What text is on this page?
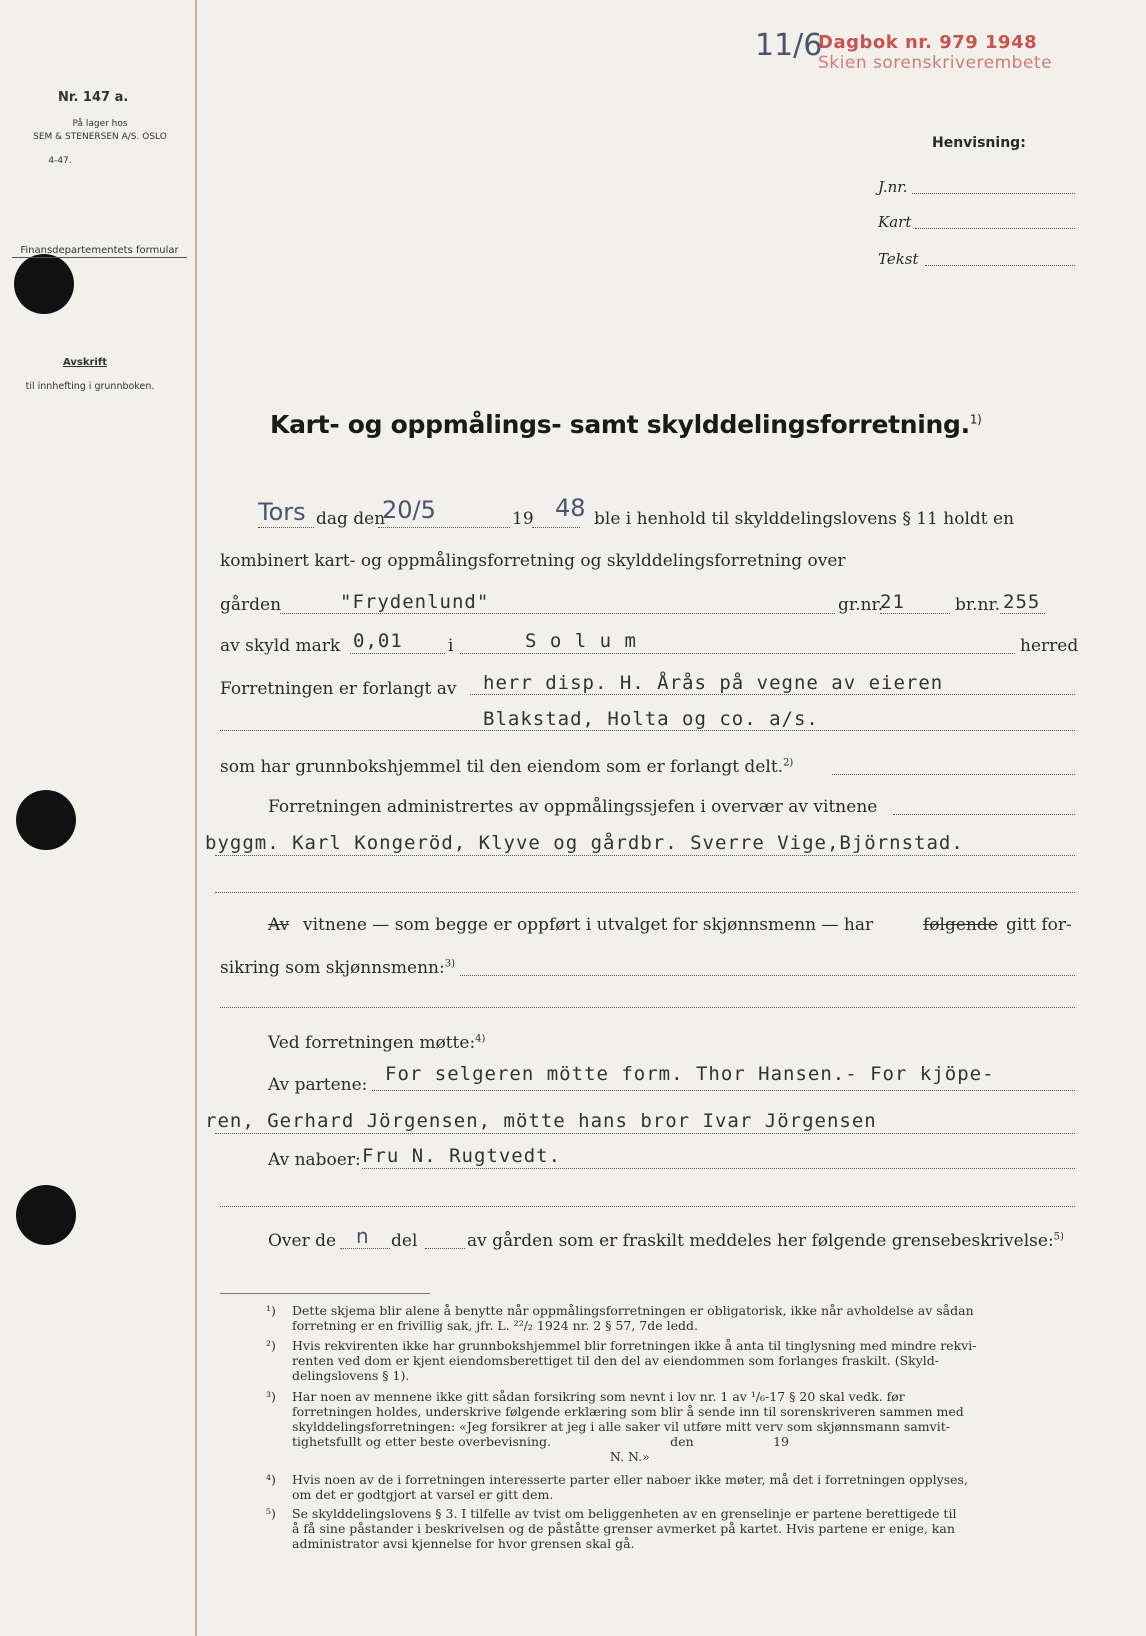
Nr. 147 a.
På lager hos
SEM & STENERSEN A/S. OSLO
4-47.
Finansdepartementets formular
Avskrift
til innhefting i grunnboken.
11/6
Dagbok nr. 979 1948
Skien sorenskriverembete
Henvisning:
J.nr.
Kart
Tekst
Kart- og oppmålings- samt skylddelingsforretning.$^{1)}$
Tors dag den
20/5	19 48 ble i henhold til skylddelingslovens § 11 holdt en
kombinert kart- og oppmålingsforretning og skylddelingsforretning over
gården	"Frydenlund"	gr.nr.
21	br.nr. 255
av skyld mark 0,01	i	S o l u m	herred
Forretningen er forlangt av herr disp. H. Årås på vegne av eieren
Blakstad, Holta og co. a/s.
som har grunnbokshjemmel til den eiendom som er forlangt delt.$^{2)}$
Forretningen administrertes av oppmålingssjefen i overvær av vitnene
byggm. Karl Kongeröd, Klyve og gårdbr. Sverre Vige,Björnstad.
Av vitnene — som begge er oppført i utvalget for skjønnsmenn — har	følgende gitt for-
sikring som skjønnsmenn:$^{3)}$
Ved forretningen møtte:$^{4)}$
Av partene: For selgeren mötte form. Thor Hansen.- For kjöpe-
ren, Gerhard Jörgensen, mötte hans bror Ivar Jörgensen
Av naboer: Fru N. Rugtvedt.
Over de n del	av gården som er fraskilt meddeles her følgende grensebeskrivelse:$^{5)}$
¹) Dette skjema blir alene å benytte når oppmålingsforretningen er obligatorisk, ikke når avholdelse av sådan
forretning er en frivillig sak, jfr. L. ²²/₂ 1924 nr. 2 § 57, 7de ledd.
²) Hvis rekvirenten ikke har grunnbokshjemmel blir forretningen ikke å anta til tinglysning med mindre rekvi-
renten ved dom er kjent eiendomsberettiget til den del av eiendommen som forlanges fraskilt. (Skyld-
delingslovens § 1).
³) Har noen av mennene ikke gitt sådan forsikring som nevnt i lov nr. 1 av ¹/₆-17 § 20 skal vedk. før
forretningen holdes, underskrive følgende erklæring som blir å sende inn til sorenskriveren sammen med
skylddelingsforretningen: «Jeg forsikrer at jeg i alle saker vil utføre mitt verv som skjønnsmann samvit-
tighetsfullt og etter beste overbevisning.                              den                    19
N. N.»
⁴) Hvis noen av de i forretningen interesserte parter eller naboer ikke møter, må det i forretningen opplyses,
om det er godtgjort at varsel er gitt dem.
⁵) Se skylddelingslovens § 3. I tilfelle av tvist om beliggenheten av en grenselinje er partene berettigede til
å få sine påstander i beskrivelsen og de påståtte grenser avmerket på kartet. Hvis partene er enige, kan
administrator avsi kjennelse for hvor grensen skal gå.
